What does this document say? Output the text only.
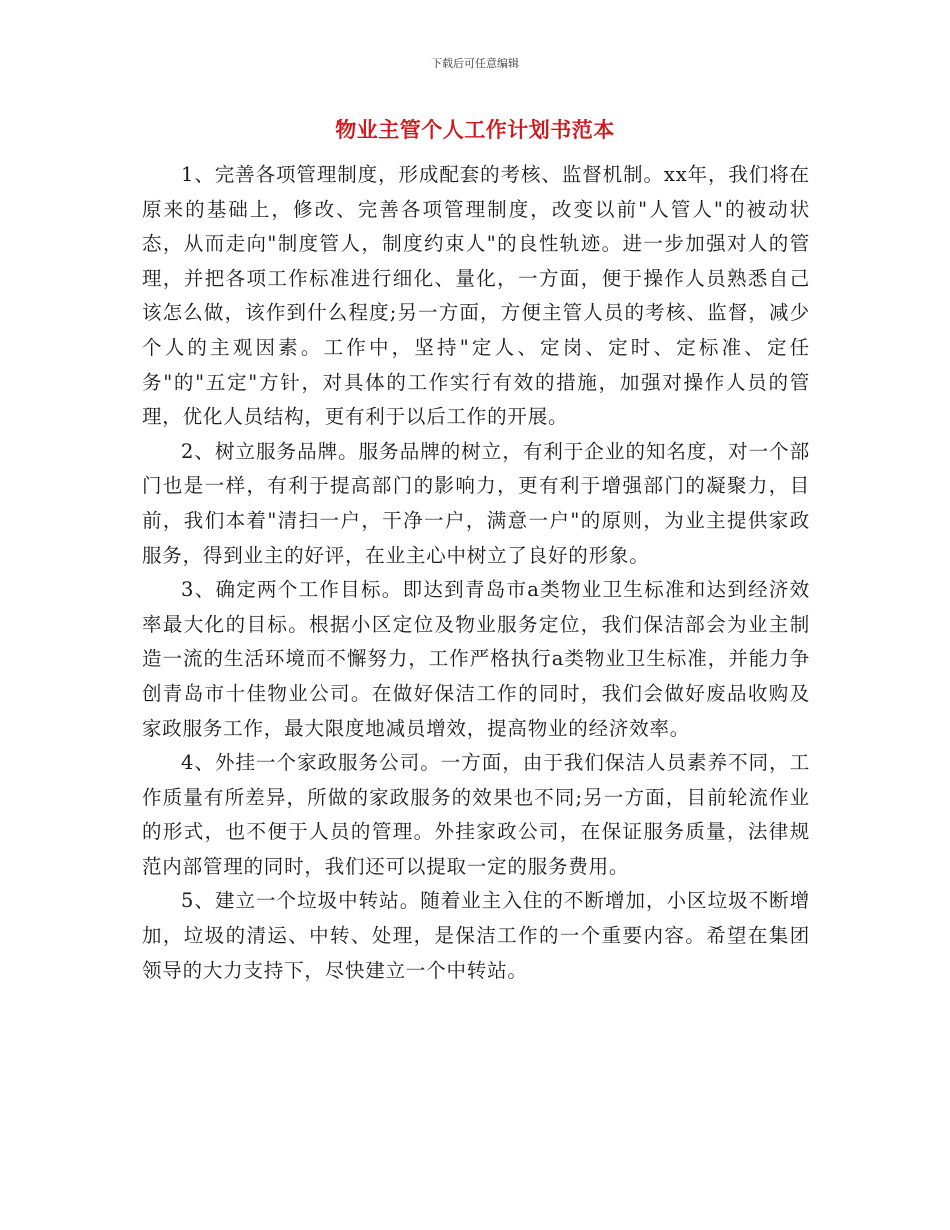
下载后可任意编辑
物业主管个人工作计划书范本

1、完善各项管理制度，形成配套的考核、监督机制。xx年，我们将在原来的基础上，修改、完善各项管理制度，改变以前"人管人"的被动状态，从而走向"制度管人，制度约束人"的良性轨迹。进一步加强对人的管理，并把各项工作标准进行细化、量化，一方面，便于操作人员熟悉自己该怎么做，该作到什么程度;另一方面，方便主管人员的考核、监督，减少个人的主观因素。工作中，坚持"定人、定岗、定时、定标准、定任务"的"五定"方针，对具体的工作实行有效的措施，加强对操作人员的管理，优化人员结构，更有利于以后工作的开展。

2、树立服务品牌。服务品牌的树立，有利于企业的知名度，对一个部门也是一样，有利于提高部门的影响力，更有利于增强部门的凝聚力，目前，我们本着"清扫一户，干净一户，满意一户"的原则，为业主提供家政服务，得到业主的好评，在业主心中树立了良好的形象。

3、确定两个工作目标。即达到青岛市a类物业卫生标准和达到经济效率最大化的目标。根据小区定位及物业服务定位，我们保洁部会为业主制造一流的生活环境而不懈努力，工作严格执行a类物业卫生标准，并能力争创青岛市十佳物业公司。在做好保洁工作的同时，我们会做好废品收购及家政服务工作，最大限度地减员增效，提高物业的经济效率。

4、外挂一个家政服务公司。一方面，由于我们保洁人员素养不同，工作质量有所差异，所做的家政服务的效果也不同;另一方面，目前轮流作业的形式，也不便于人员的管理。外挂家政公司，在保证服务质量，法律规范内部管理的同时，我们还可以提取一定的服务费用。

5、建立一个垃圾中转站。随着业主入住的不断增加，小区垃圾不断增加，垃圾的清运、中转、处理，是保洁工作的一个重要内容。希望在集团领导的大力支持下，尽快建立一个中转站。
